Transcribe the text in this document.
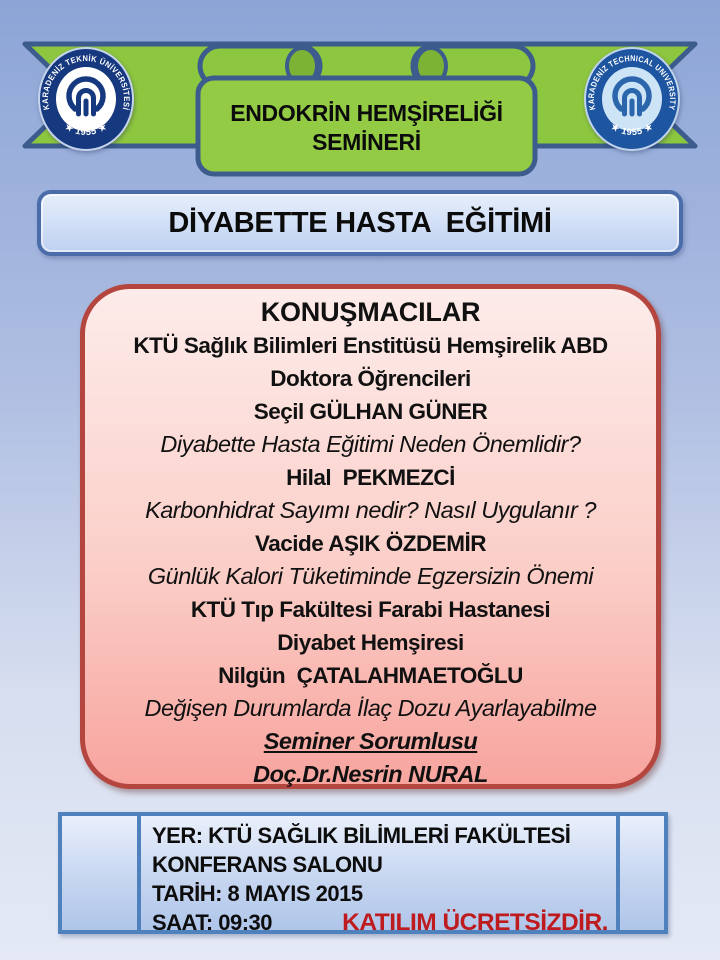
ENDOKRİN HEMŞİRELİĞİ
SEMİNERİ
KARADENİZ TEKNİK ÜNİVERSİTESİ
★ 1955 ★
KARADENİZ TECHNICAL UNIVERSITY
★ 1955 ★
DİYABETTE HASTA  EĞİTİMİ
KONUŞMACILAR
KTÜ Sağlık Bilimleri Enstitüsü Hemşirelik ABD
Doktora Öğrencileri
Seçil GÜLHAN GÜNER
Diyabette Hasta Eğitimi Neden Önemlidir?
Hilal  PEKMEZCİ
Karbonhidrat Sayımı nedir? Nasıl Uygulanır ?
Vacide AŞIK ÖZDEMİR
Günlük Kalori Tüketiminde Egzersizin Önemi
KTÜ Tıp Fakültesi Farabi Hastanesi
Diyabet Hemşiresi
Nilgün  ÇATALAHMAETOĞLU
Değişen Durumlarda İlaç Dozu Ayarlayabilme
Seminer Sorumlusu
Doç.Dr.Nesrin NURAL
YER: KTÜ SAĞLIK BİLİMLERİ FAKÜLTESİ
KONFERANS SALONU
TARİH: 8 MAYIS 2015
SAAT: 09:30	KATILIM ÜCRETSİZDİR.
